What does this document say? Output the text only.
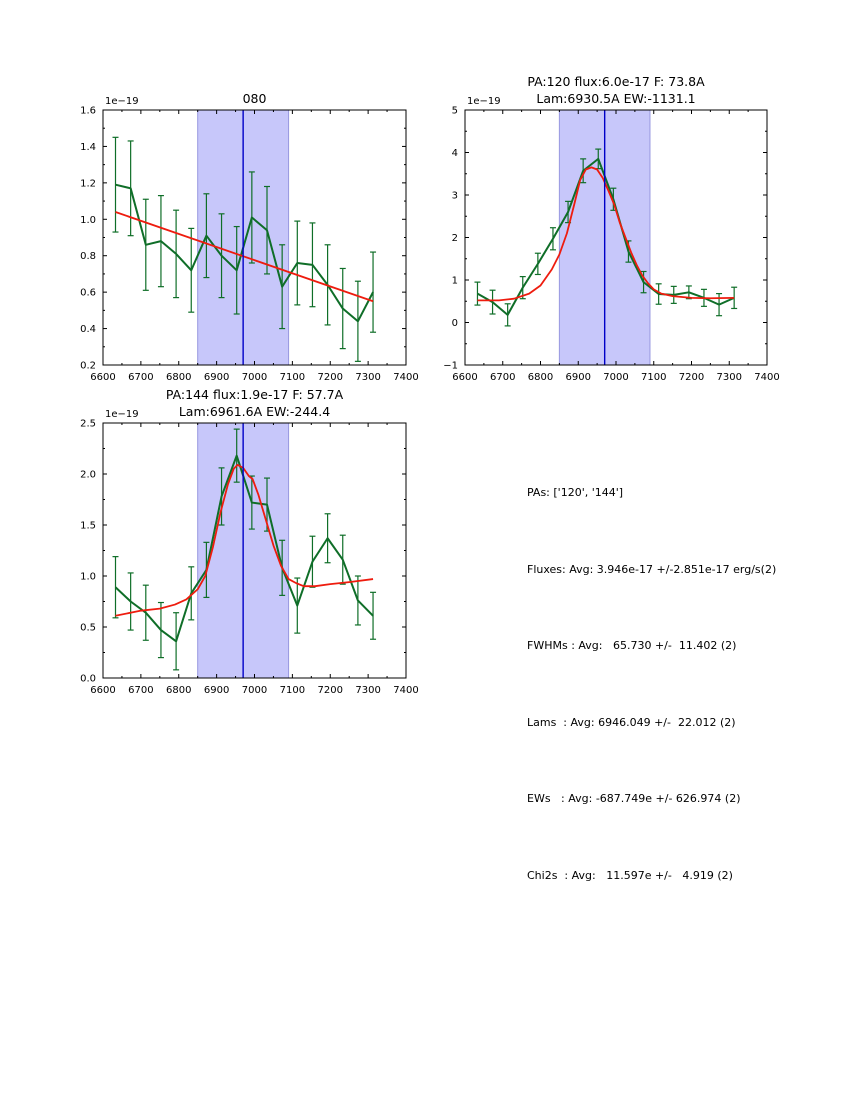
6600 6700 6800 6900 7000 7100 7200 7300 7400
0.2
0.4
0.6
0.8
1.0
1.2
1.4
1.6
1e−19	080
6600 6700 6800 6900 7000 7100 7200 7300 7400
−1
0
1
2
3
4
5
1e−19
PA:120 flux:6.0e-17 F: 73.8A
Lam:6930.5A EW:-1131.1
6600 6700 6800 6900 7000 7100 7200 7300 7400
0.0
0.5
1.0
1.5
2.0
2.5
1e−19
PA:144 flux:1.9e-17 F: 57.7A
Lam:6961.6A EW:-244.4

PAs: ['120', '144']

Fluxes: Avg: 3.946e-17 +/-2.851e-17 erg/s(2)

FWHMs : Avg:   65.730 +/-  11.402 (2)

Lams  : Avg: 6946.049 +/-  22.012 (2)

EWs   : Avg: -687.749e +/- 626.974 (2)

Chi2s  : Avg:   11.597e +/-   4.919 (2)
